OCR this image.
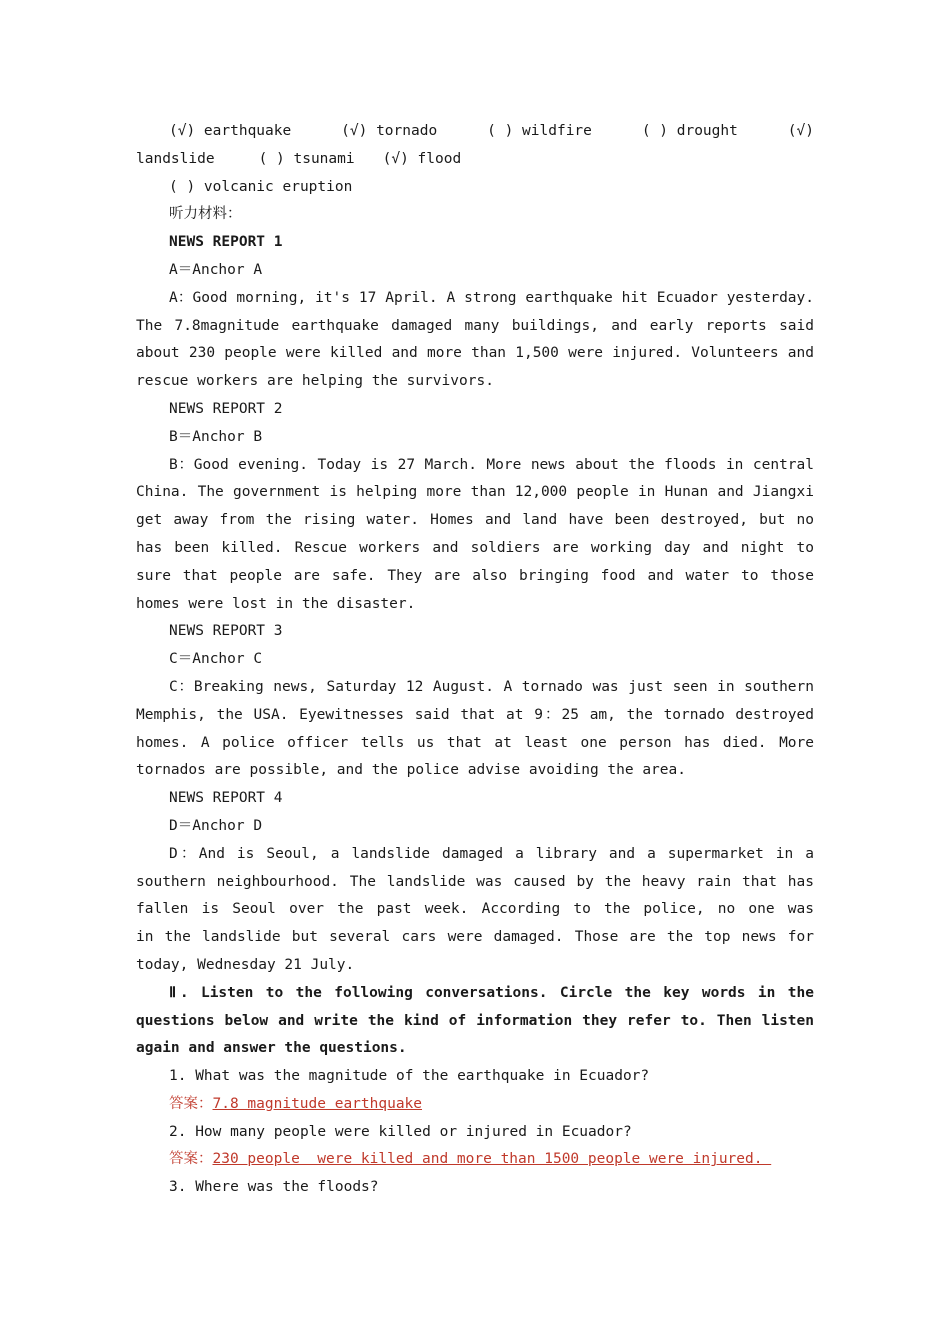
(√) earthquake	(√) tornado	( ) wildfire	( ) drought	(√)
landslide	( ) tsunami (√) flood
( ) volcanic eruption
听力材料：
NEWS REPORT 1
A＝Anchor A
A：Good morning, it's 17 April. A strong earthquake hit Ecuador yesterday.
The 7.8magnitude earthquake damaged many buildings, and early reports said
about 230 people were killed and more than 1,500 were injured. Volunteers and
rescue workers are helping the survivors.
NEWS REPORT 2
B＝Anchor B
B：Good evening. Today is 27 March. More news about the floods in central
China. The government is helping more than 12,000 people in Hunan and Jiangxi
get away from the rising water. Homes and land have been destroyed, but no
has been killed. Rescue workers and soldiers are working day and night to
sure that people are safe. They are also bringing food and water to those
homes were lost in the disaster.
NEWS REPORT 3
C＝Anchor C
C：Breaking news, Saturday 12 August. A tornado was just seen in southern
Memphis, the USA. Eyewitnesses said that at 9：25 am, the tornado destroyed
homes. A police officer tells us that at least one person has died. More
tornados are possible, and the police advise avoiding the area.
NEWS REPORT 4
D＝Anchor D
D：And is Seoul, a landslide damaged a library and a supermarket in a
southern neighbourhood. The landslide was caused by the heavy rain that has
fallen is Seoul over the past week. According to the police, no one was
in the landslide but several cars were damaged. Those are the top news for
today, Wednesday 21 July.
Ⅱ. Listen to the following conversations. Circle the key words in the
questions below and write the kind of information they refer to. Then listen
again and answer the questions.
1. What was the magnitude of the earthquake in Ecuador?
答案：7.8 magnitude earthquake
2. How many people were killed or injured in Ecuador?
答案：230 people  were killed and more than 1500 people were injured.
3. Where was the floods?
